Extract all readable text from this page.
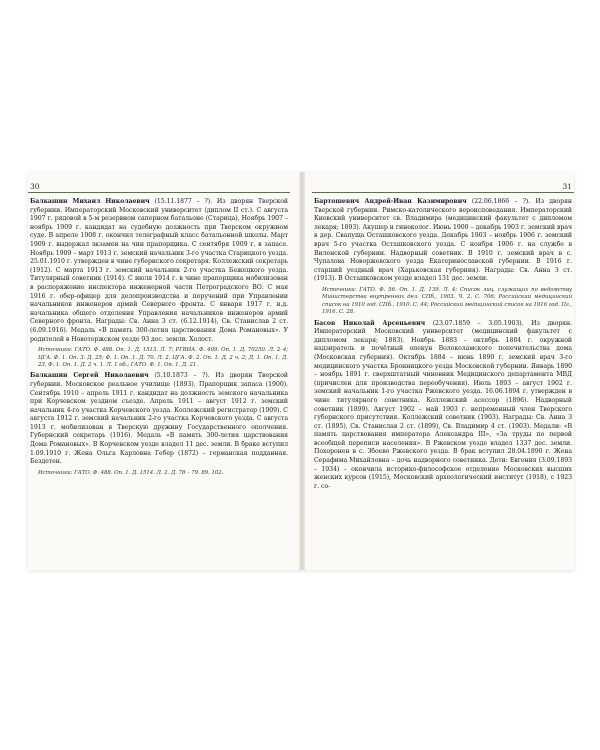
30

Балкашин Михаил Николаевич (15.11.1877 – ?). Из дворян Тверской губернии. Императорский Московский университет (диплом II ст.). С августа 1907 г. рядовой в 5-м резервном саперном батальоне (Старица). Ноябрь 1907 – ноябрь 1909 г. кандидат на судебную должность при Тверском окружном суде. В апреле 1908 г. окончил телеграфный класс батальонной школы. Март 1909 г. выдержал экзамен на чин прапорщика. С сентября 1909 г. в запасе. Ноябрь 1909 – март 1913 г. земский начальник 3-го участка Старицкого уезда. 25.01.1910 г. утвержден в чине губернского секретаря. Коллежский секретарь (1912). С марта 1913 г. земский начальник 2-го участка Бежецкого уезда. Титулярный советник (1914). С июля 1914 г. в чине прапорщика мобилизован в распоряжение инспектора инженерной части Петроградского ВО. С мая 1916 г. обер-офицер для делопроизводства и поручений при Управлении начальников инженеров армий Северного фронта. С января 1917 г. и.д. начальника общего отделения Управления начальников инженеров армий Северного фронта. Награды: Св. Анна 3 ст. (6.12.1914), Св. Станислав 2 ст. (6.09.1916). Медаль «В память 300-летия царствования Дома Романовых». У родителей в Новоторжском уезде 93 дес. земли. Холост.

Источники: ГАТО. Ф. 488. Оп. 1. Д. 1513. Л. 7; РГВИА. Ф. 409. Оп. 1. Д. 70250. Л. 2–4; ЦГА. Ф. 1. Оп. 3. Д. 25; Ф. 1. Оп. 1. Д. 70. Л. 2. ЦГА. Ф. 2. Оп. 1. Д. 2 ч. 2; Д. 1. Оп. 1. Д. 23, Ф. 1. Оп. 1. Д. 2 ч. 1. Л. 1 об.; ГАТО. Ф. 1. Оп. 1. Д. 21.

Балкашин Сергей Николаевич (5.10.1873 – ?). Из дворян Тверской губернии. Московское реальное училище (1893). Прапорщик запаса (1900). Сентябрь 1910 – апрель 1911 г. кандидат на должность земского начальника при Корчевском уездном съезде. Апрель 1911 – август 1912 г. земский начальник 4-го участка Корчевского уезда. Коллежский регистратор (1909). С августа 1912 г. земский начальник 2-го участка Корчевского уезда. С августа 1913 г. мобилизован в Тверскую дружину Государственного ополчения. Губернский секретарь (1916). Медаль «В память 300-летия царствования Дома Романовых». В Корчевском уезде владел 11 дес. земли. В браке вступил 1.09.1910 г. Жена Ольга Карловна Гебер (1872) – германская подданная. Бездетен.

Источники: ГАТО. Ф. 488. Оп. 1. Д. 1514. Л. 2. Д. 78 – 79. 89. 102.
31

Бартошевич Андрей-Иван Казимирович (22.06.1866 – ?). Из дворян Тверской губернии. Римско-католического вероисповедания. Императорский Киевский университет св. Владимира (медицинский факультет с дипломом лекаря; 1893). Акушер и гинеколог. Июнь 1900 – декабрь 1903 г. земский врач в дер. Свапуща Осташковского уезда. Декабрь 1903 – ноябрь 1906 г. земский врач 5-го участка Осташковского уезда. С ноября 1906 г. на службе в Виленской губернии. Надворный советник. В 1910 г. земский врач в с. Чупалова Новоржевского уезда Екатеринославской губернии. В 1916 г. старший уездный врач (Харьковская губерния). Награды: Св. Анна 3 ст. (1913). В Осташковском уезде владел 131 дес. земли.

Источники: ГАТО. Ф. 56. Оп. 1. Д. 139. Л. 4; Список лиц, служащих по ведомству Министерства внутренних дел. СПб., 1903. Ч. 2. С. 706; Российский медицинский список на 1910 год. СПб., 1910. С. 44; Российский медицинский список на 1916 год. Пг., 1916. С. 28.

Басов Николай Арсеньевич (23.07.1859 – 3.05.1903). Из дворян. Императорский Московский университет (медицинский факультет с дипломом лекаря; 1883). Ноябрь 1883 – октябрь 1884 г. окружной надзиратель и почётный опекун Волоколамского попечительства дома (Московская губерния). Октябрь 1884 – июнь 1890 г. земский врач 3-го медицинского участка Бронницкого уезда Московской губернии. Январь 1890 – ноябрь 1891 г. сверхштатный чиновник Медицинского департамента МВД (причислен для производства переобучения). Июль 1893 – август 1902 г. земский начальник 1-го участка Ржевского уезда. 16.06.1894 г. утвержден в чине титулярного советника. Коллежский асессор (1896). Надворный советник (1899). Август 1902 – май 1903 г. непременный член Тверского губернского присутствия. Коллежский советник (1903). Награды: Св. Анна 3 ст. (1895), Св. Станислав 2 ст. (1899), Св. Владимир 4 ст. (1903). Медали: «В память царствования императора Александра III», «За труды по первой всеобщей переписи населения». В Ржевском уезде владел 1337 дес. земли. Похоронен в с. Збоево Ржевского уезда. В брак вступил 28.04.1890 г. Жена Серафима Михайловна – дочь надворного советника. Дети: Евгения (3.09.1893 – 1934) – окончила историко-философское отделение Московских высших женских курсов (1915), Московский археологический институт (1918), с 1923 г. со-
